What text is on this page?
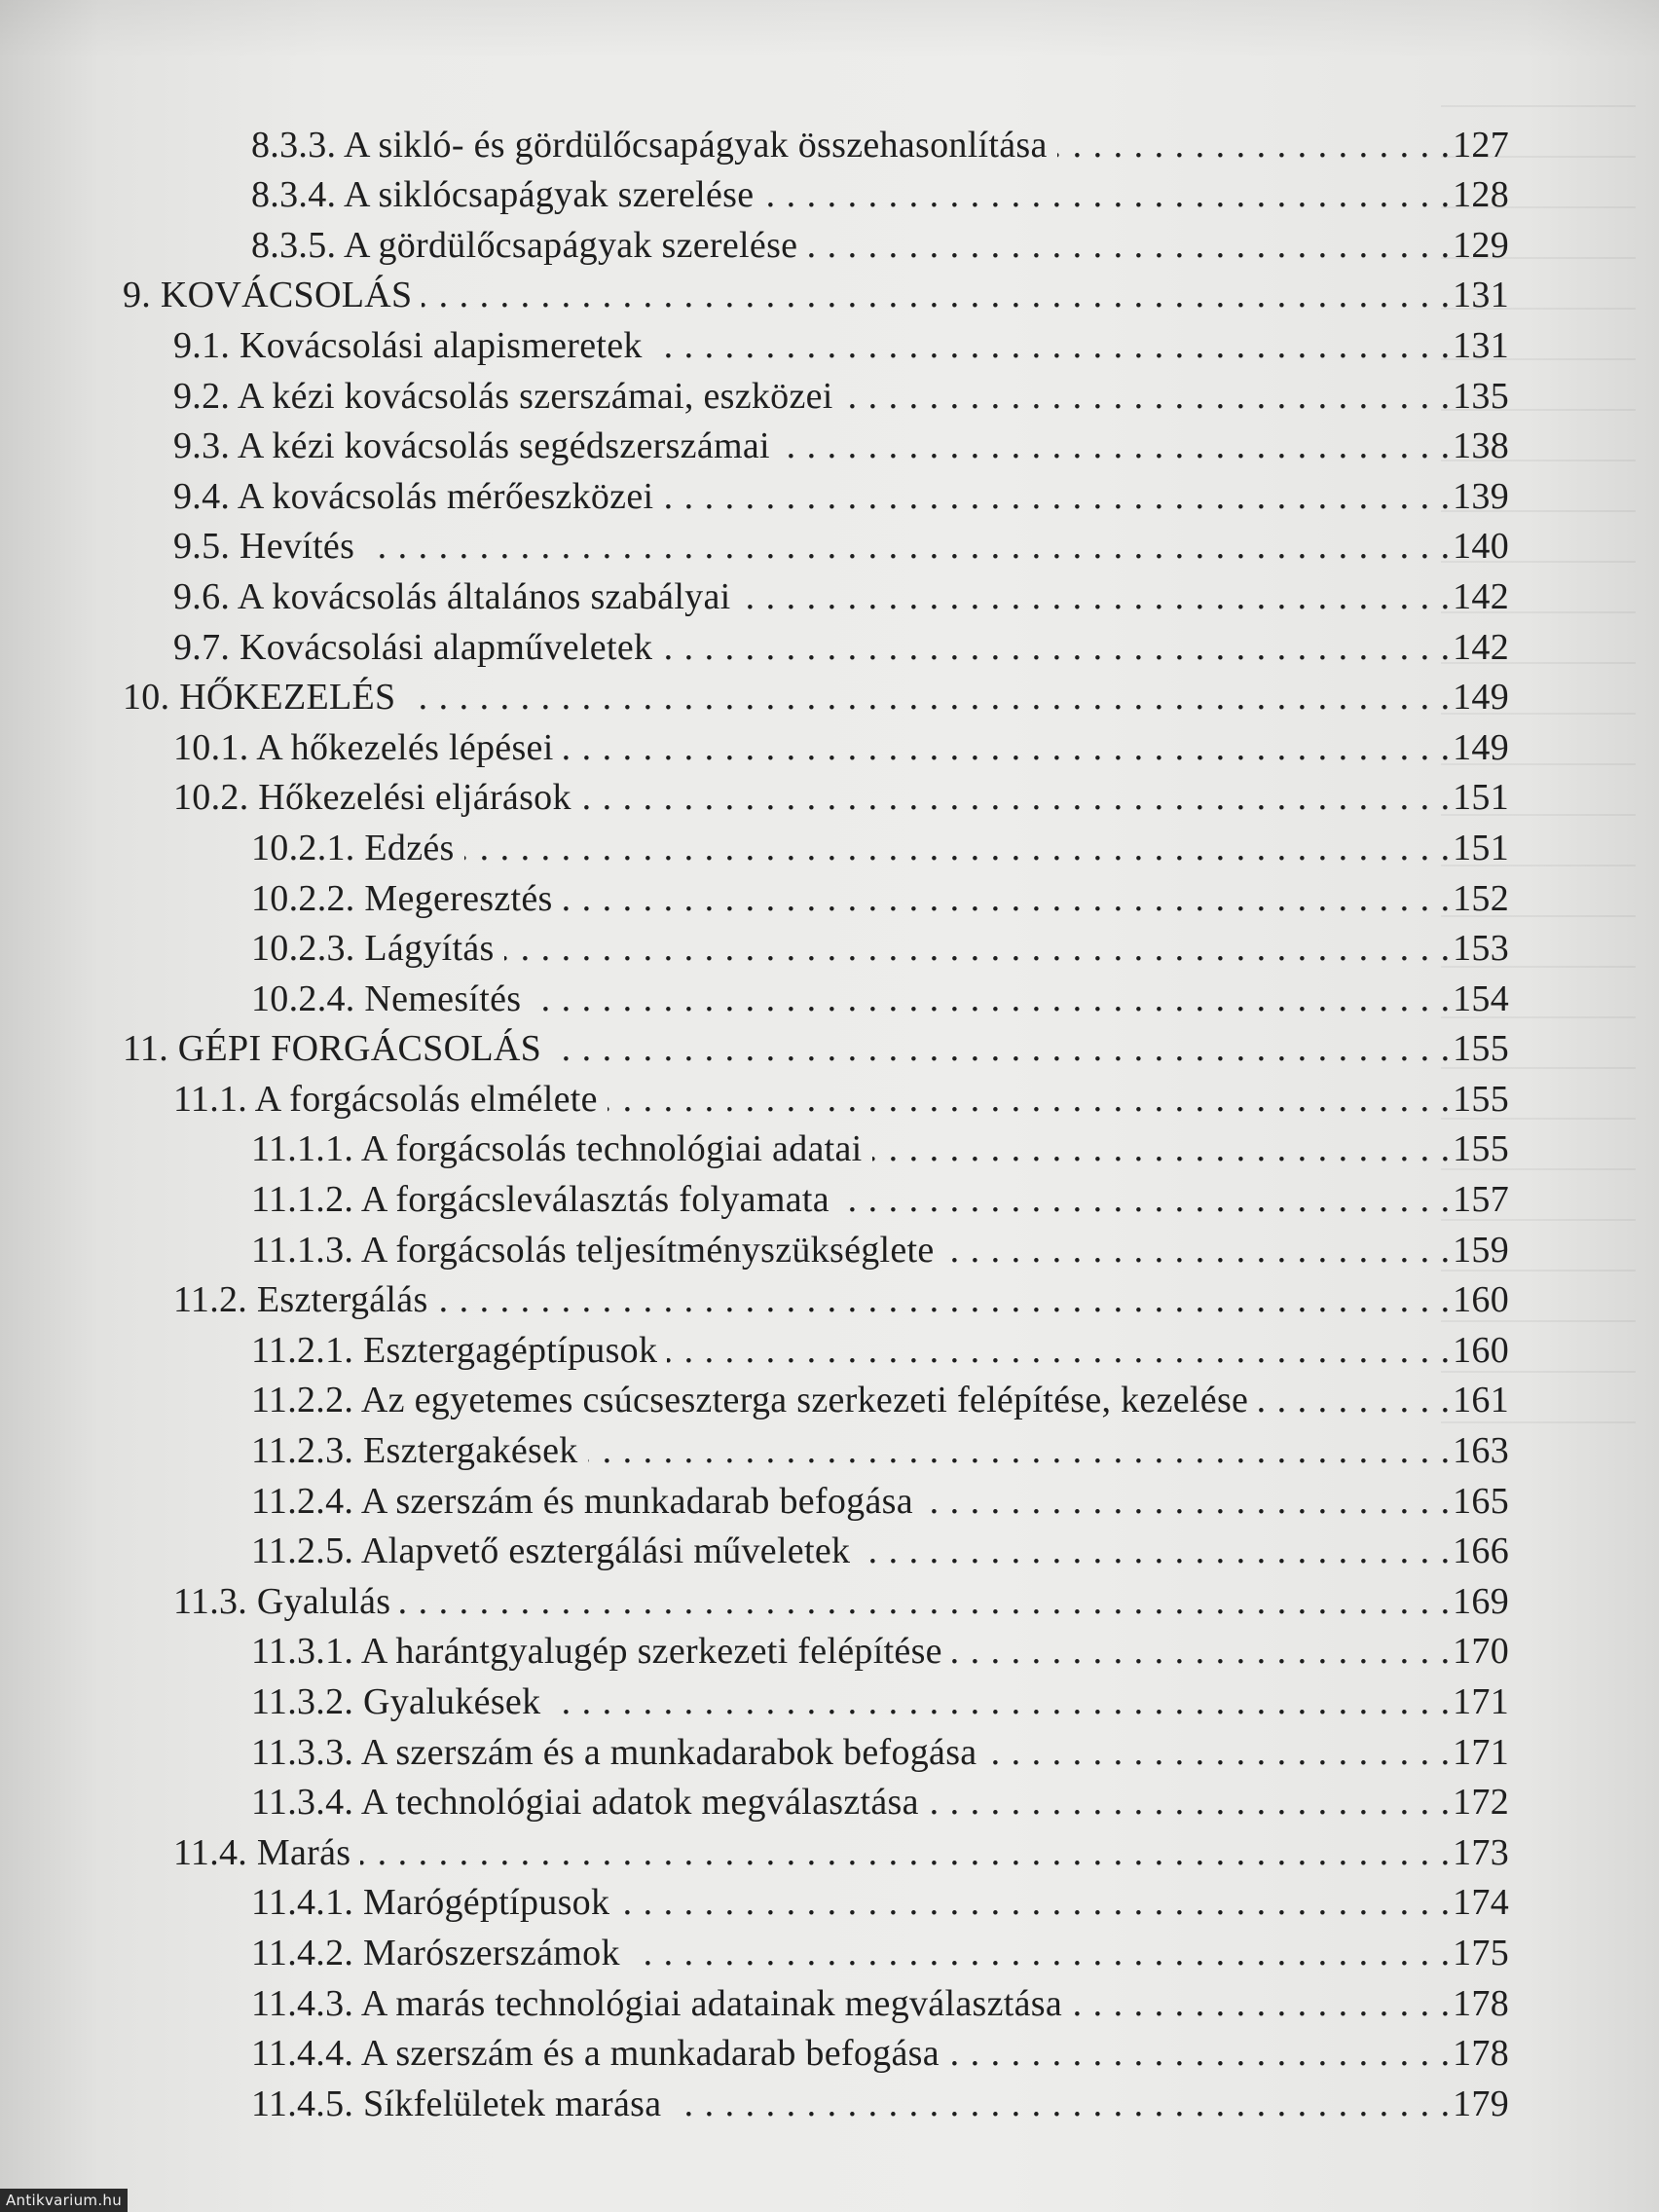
8.3.3. A sikló- és gördülőcsapágyak összehasonlítása . . .	127
8.3.4. A siklócsapágyak szerelése . . .	128
8.3.5. A gördülőcsapágyak szerelése . . .	129
9. KOVÁCSOLÁS . . .	131
9.1. Kovácsolási alapismeretek . . .	131
9.2. A kézi kovácsolás szerszámai, eszközei . . .	135
9.3. A kézi kovácsolás segédszerszámai . . .	138
9.4. A kovácsolás mérőeszközei . . .	139
9.5. Hevítés . . .	140
9.6. A kovácsolás általános szabályai . . .	142
9.7. Kovácsolási alapműveletek . . .	142
10. HŐKEZELÉS . . .	149
10.1. A hőkezelés lépései . . .	149
10.2. Hőkezelési eljárások . . .	151
10.2.1. Edzés . . .	151
10.2.2. Megeresztés . . .	152
10.2.3. Lágyítás . . .	153
10.2.4. Nemesítés . . .	154
11. GÉPI FORGÁCSOLÁS . . .	155
11.1. A forgácsolás elmélete . . .	155
11.1.1. A forgácsolás technológiai adatai . . .	155
11.1.2. A forgácsleválasztás folyamata . . .	157
11.1.3. A forgácsolás teljesítményszükséglete . . .	159
11.2. Esztergálás . . .	160
11.2.1. Esztergagéptípusok . . .	160
11.2.2. Az egyetemes csúcseszterga szerkezeti felépítése, kezelése . . .	161
11.2.3. Esztergakések . . .	163
11.2.4. A szerszám és munkadarab befogása . . .	165
11.2.5. Alapvető esztergálási műveletek . . .	166
11.3. Gyalulás . . .	169
11.3.1. A harántgyalugép szerkezeti felépítése . . .	170
11.3.2. Gyalukések . . .	171
11.3.3. A szerszám és a munkadarabok befogása . . .	171
11.3.4. A technológiai adatok megválasztása . . .	172
11.4. Marás . . .	173
11.4.1. Marógéptípusok . . .	174
11.4.2. Marószerszámok . . .	175
11.4.3. A marás technológiai adatainak megválasztása . . .	178
11.4.4. A szerszám és a munkadarab befogása . . .	178
11.4.5. Síkfelületek marása . . .	179
Antikvarium.hu
